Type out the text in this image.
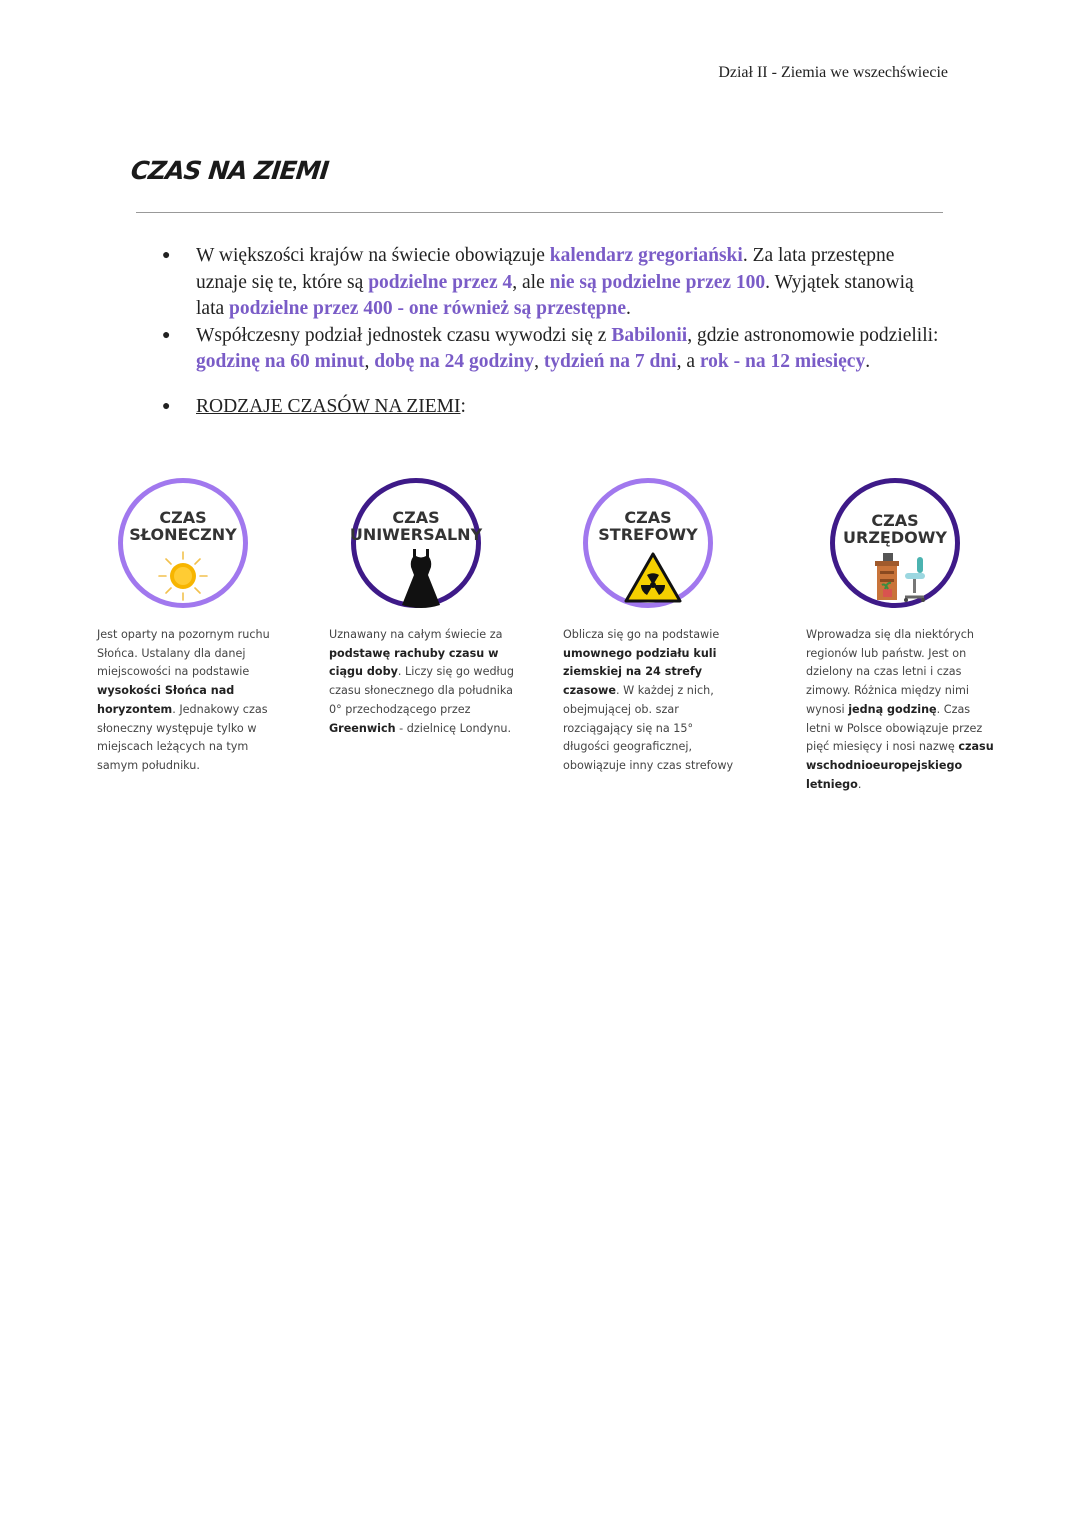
Dział II - Ziemia we wszechświecie
CZAS NA ZIEMI
●	W większości krajów na świecie obowiązuje kalendarz gregoriański. Za lata przestępne uznaje się te, które są podzielne przez 4, ale nie są podzielne przez 100. Wyjątek stanowią lata podzielne przez 400 - one również są przestępne.
●	Współczesny podział jednostek czasu wywodzi się z Babilonii, gdzie astronomowie podzielili: godzinę na 60 minut, dobę na 24 godziny, tydzień na 7 dni, a rok - na 12 miesięcy.
●	RODZAJE CZASÓW NA ZIEMI:
CZAS
SŁONECZNY
Jest oparty na pozornym ruchu Słońca. Ustalany dla danej miejscowości na podstawie wysokości Słońca nad horyzontem. Jednakowy czas słoneczny występuje tylko w miejscach leżących na tym samym południku.
CZAS
UNIWERSALNY
Uznawany na całym świecie za podstawę rachuby czasu w ciągu doby. Liczy się go według czasu słonecznego dla południka 0° przechodzącego przez Greenwich - dzielnicę Londynu.
CZAS
STREFOWY
Oblicza się go na podstawie umownego podziału kuli ziemskiej na 24 strefy czasowe. W każdej z nich, obejmującej ob. szar rozciągający się na 15° długości geograficznej, obowiązuje inny czas strefowy
CZAS
URZĘDOWY
Wprowadza się dla niektórych regionów lub państw. Jest on dzielony na czas letni i czas zimowy. Różnica między nimi wynosi jedną godzinę. Czas letni w Polsce obowiązuje przez pięć miesięcy i nosi nazwę czasu wschodnioeuropejskiego letniego.
